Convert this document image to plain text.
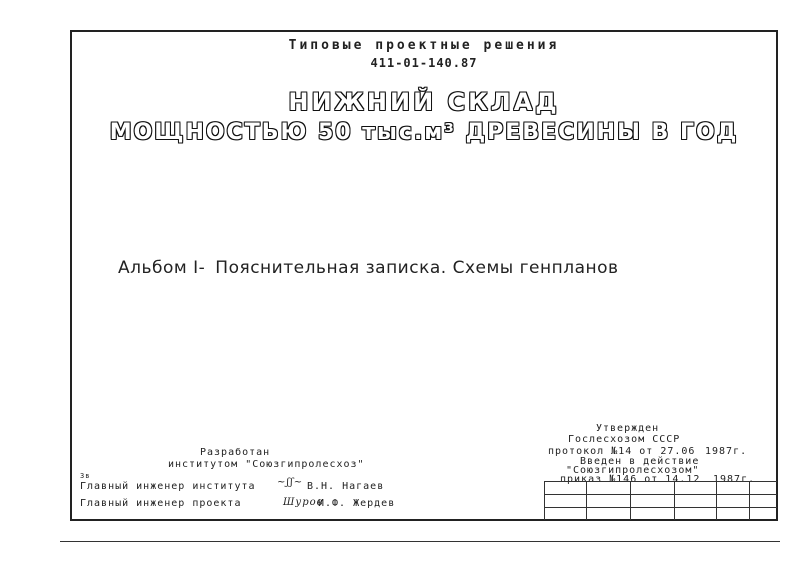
Типовые проектные решения
411-01-140.87
НИЖНИЙ СКЛАД
МОЩНОСТЬЮ 50 тыс.м³ ДРЕВЕСИНЫ В ГОД
Альбом I- Пояснительная записка. Схемы генпланов
Разработан
институтом "Союзгипролесхоз"
Зв
Главный инженер института ~ʃʃ~ В.Н. Нагаев
Главный инженер проекта	Шуров
И.Ф. Жердев
Утвержден
Гослесхозом СССР
протокол №14 от 27.06 1987г.
Введен в действие
"Союзгипролесхозом"
приказ №146 от 14.12 1987г.
